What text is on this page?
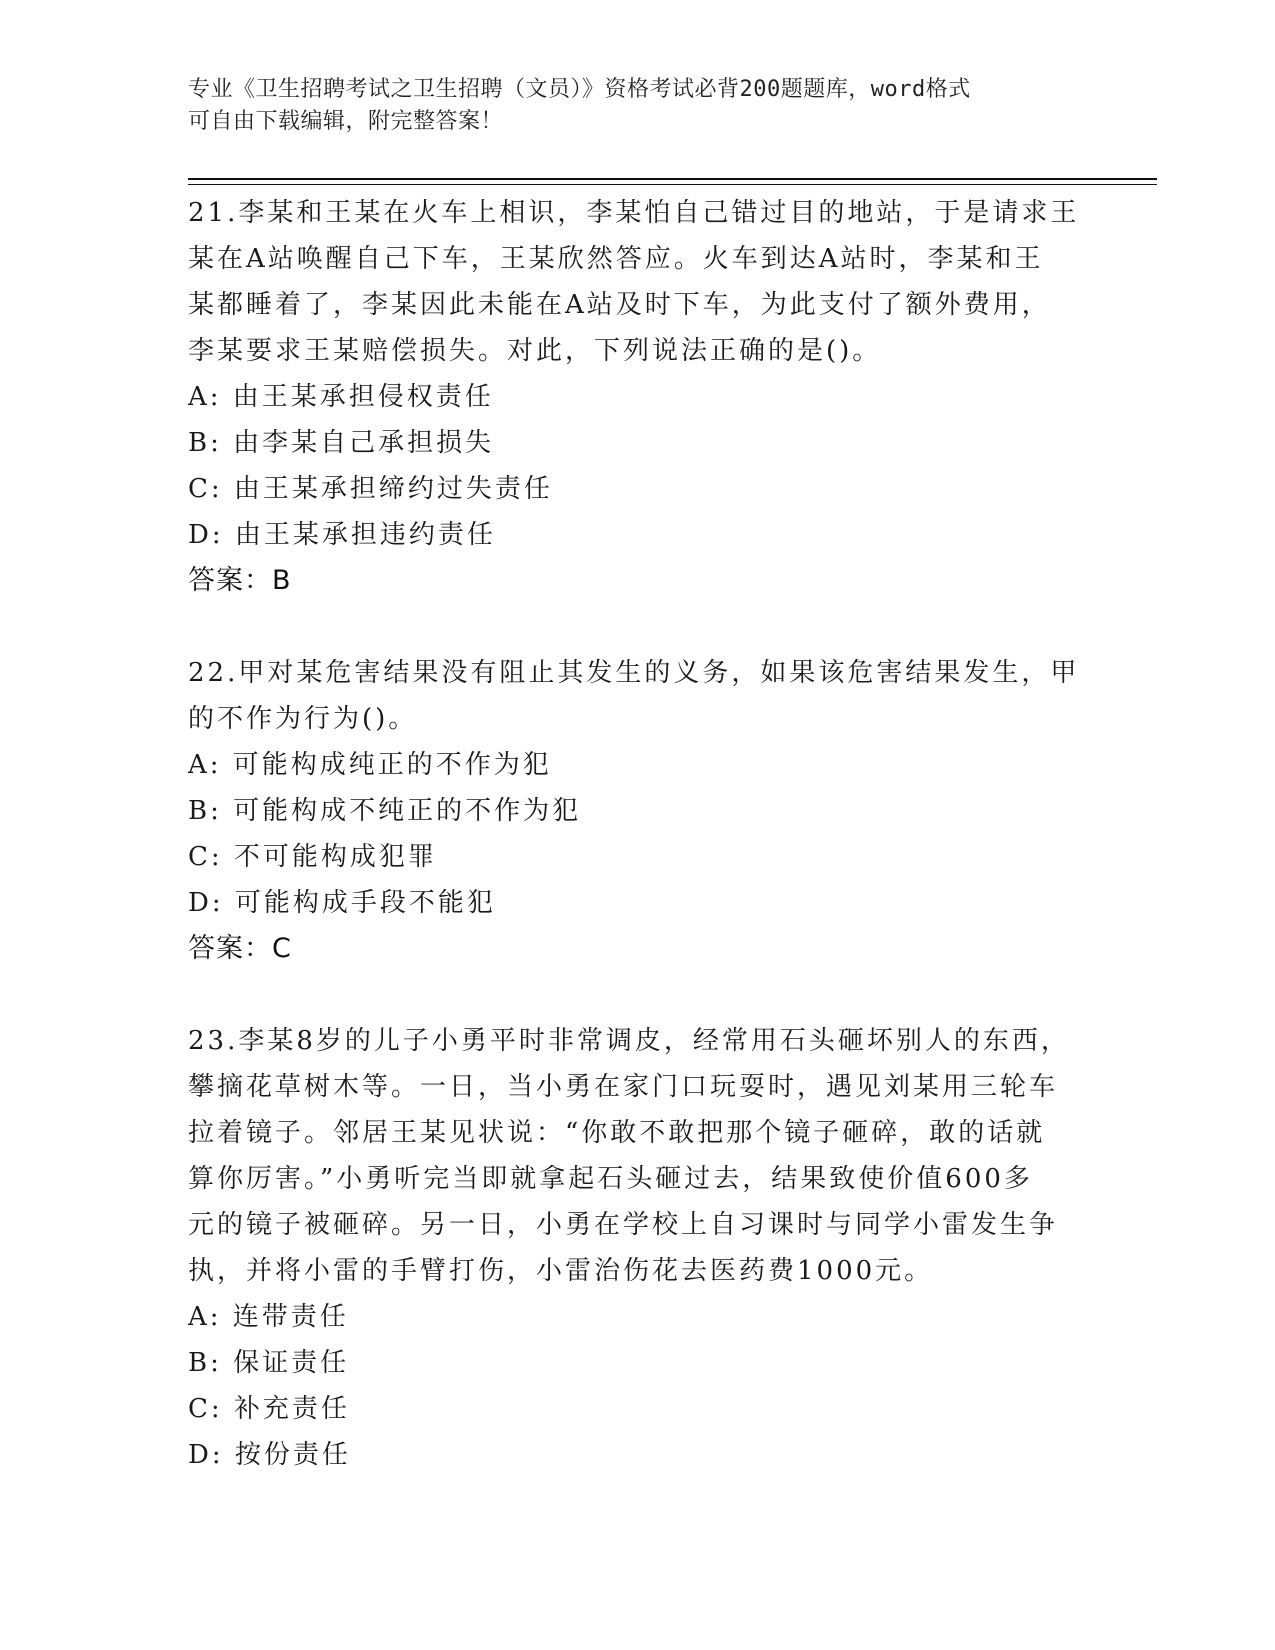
专业《卫生招聘考试之卫生招聘（文员）》资格考试必背200题题库，word格式
可自由下载编辑，附完整答案！
21.李某和王某在火车上相识，李某怕自己错过目的地站，于是请求王
某在A站唤醒自己下车，王某欣然答应。火车到达A站时，李某和王
某都睡着了，李某因此未能在A站及时下车，为此支付了额外费用，
李某要求王某赔偿损失。对此，下列说法正确的是()。
A: 由王某承担侵权责任
B: 由李某自己承担损失
C: 由王某承担缔约过失责任
D: 由王某承担违约责任
答案：B
22.甲对某危害结果没有阻止其发生的义务，如果该危害结果发生，甲
的不作为行为()。
A: 可能构成纯正的不作为犯
B: 可能构成不纯正的不作为犯
C: 不可能构成犯罪
D: 可能构成手段不能犯
答案：C
23.李某8岁的儿子小勇平时非常调皮，经常用石头砸坏别人的东西，
攀摘花草树木等。一日，当小勇在家门口玩耍时，遇见刘某用三轮车
拉着镜子。邻居王某见状说：“你敢不敢把那个镜子砸碎，敢的话就
算你厉害。”小勇听完当即就拿起石头砸过去，结果致使价值600多
元的镜子被砸碎。另一日，小勇在学校上自习课时与同学小雷发生争
执，并将小雷的手臂打伤，小雷治伤花去医药费1000元。
A: 连带责任
B: 保证责任
C: 补充责任
D: 按份责任
